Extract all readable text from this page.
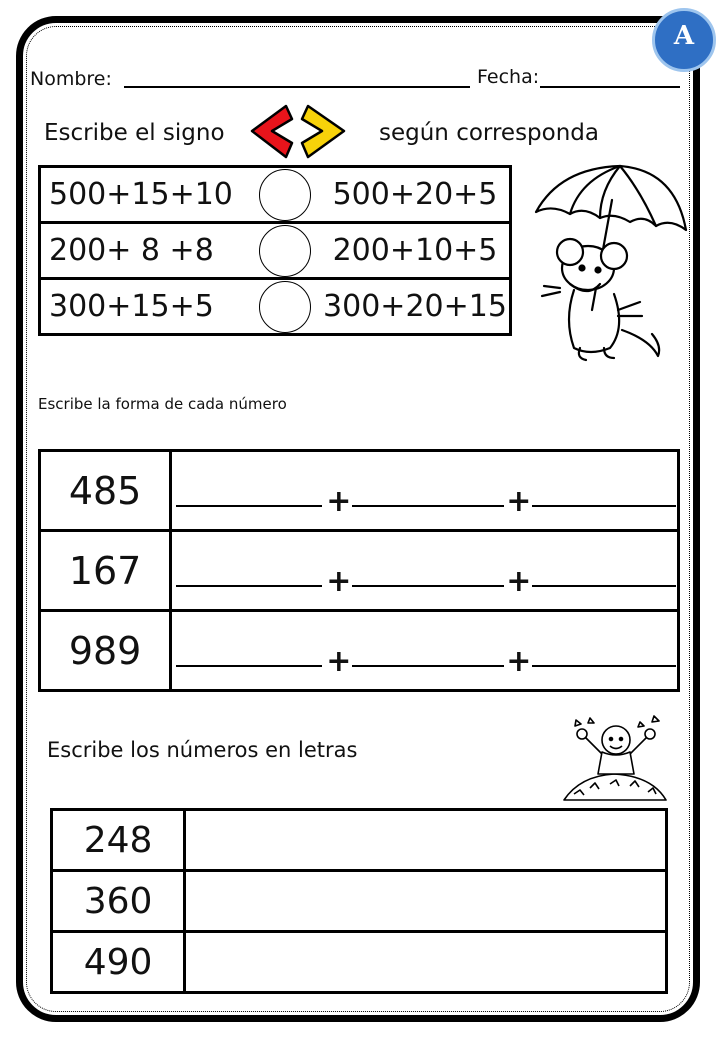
A
Nombre:	Fecha:
Escribe el signo	según corresponda
500+15+10		500+20+5
200+ 8 +8		200+10+5
300+15+5		300+20+15
Escribe la forma de cada número
485	+ +

167	+ +

989	+ +
Escribe los números en letras
248	
360	
490	
